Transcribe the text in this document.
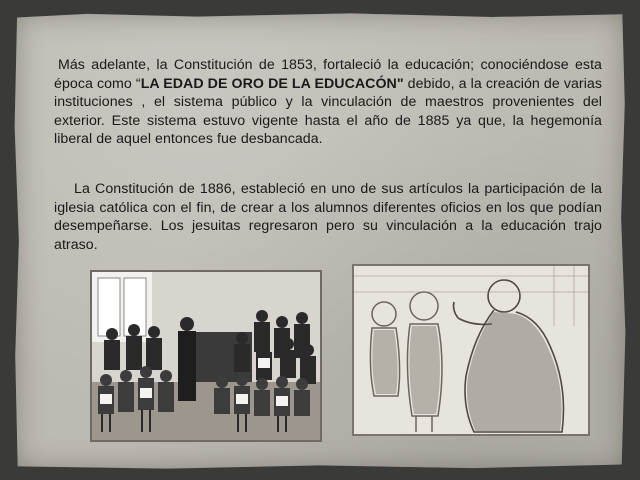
Más adelante, la Constitución de 1853, fortaleció la educación; conociéndose esta época como “LA EDAD DE ORO DE LA EDUCACÓN" debido, a la creación de varias instituciones , el sistema público y la vinculación de maestros provenientes del exterior. Este sistema estuvo vigente hasta el año de 1885 ya que, la hegemonía liberal de aquel entonces fue desbancada.
La Constitución de 1886, estableció en uno de sus artículos la participación de la iglesia católica con el fin, de crear a los alumnos diferentes oficios en los que podían desempeñarse. Los jesuitas regresaron pero su vinculación a la educación trajo atraso.
